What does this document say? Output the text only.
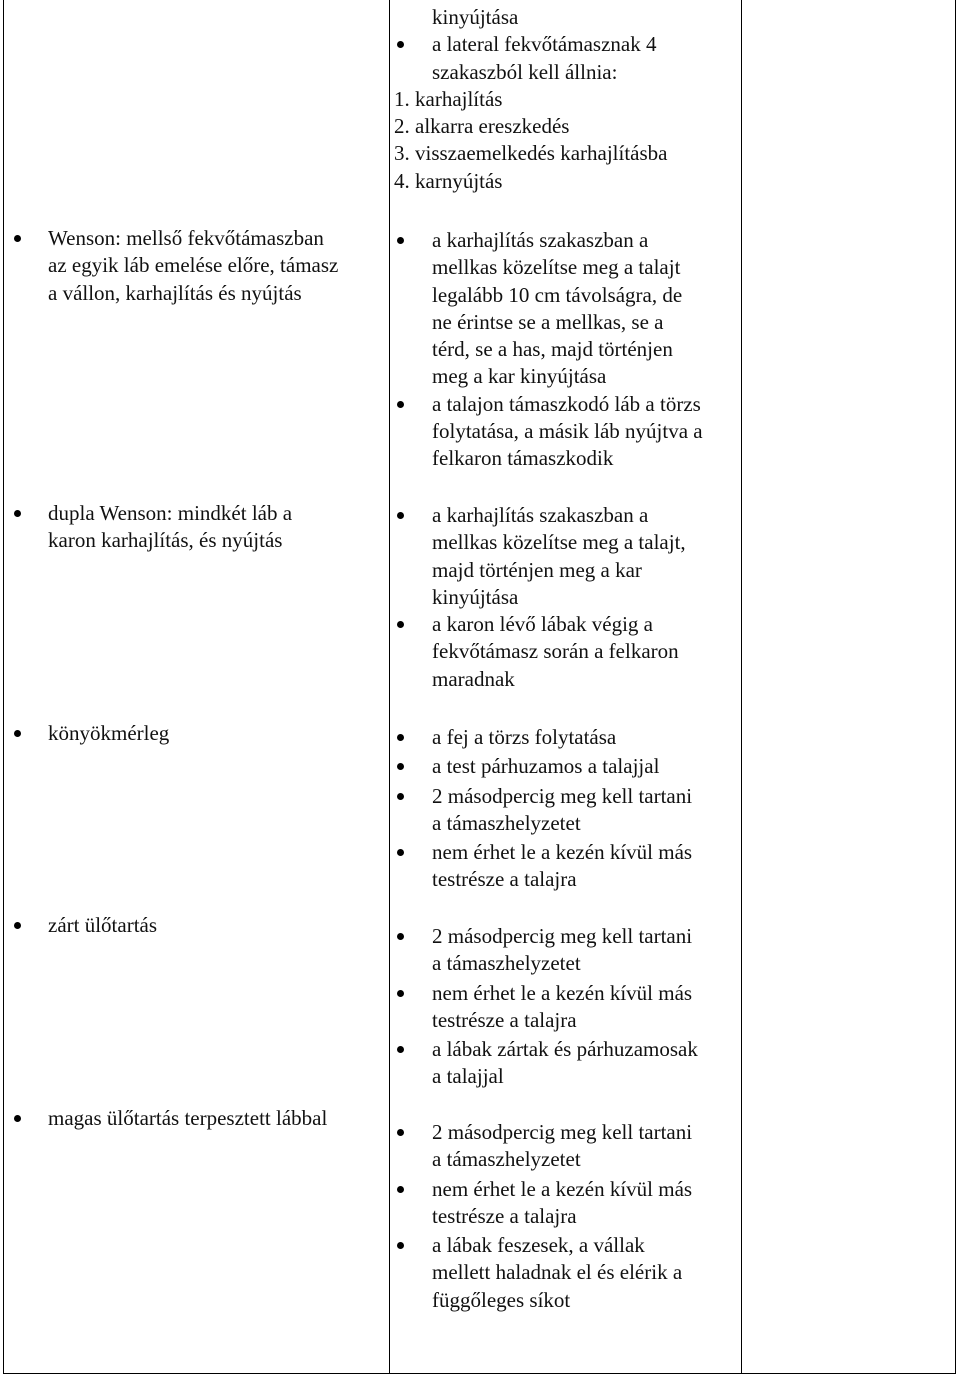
kinyújtása
a lateral fekvőtámasznak 4
szakaszból kell állnia:
1. karhajlítás
2. alkarra ereszkedés
3. visszaemelkedés karhajlításba
4. karnyújtás
Wenson: mellső fekvőtámaszban
az egyik láb emelése előre, támasz
a vállon, karhajlítás és nyújtás
a karhajlítás szakaszban a
mellkas közelítse meg a talajt
legalább 10 cm távolságra, de
ne érintse se a mellkas, se a
térd, se a has, majd történjen
meg a kar kinyújtása
a talajon támaszkodó láb a törzs
folytatása, a másik láb nyújtva a
felkaron támaszkodik
dupla Wenson: mindkét láb a
karon karhajlítás, és nyújtás
a karhajlítás szakaszban a
mellkas közelítse meg a talajt,
majd történjen meg a kar
kinyújtása
a karon lévő lábak végig a
fekvőtámasz során a felkaron
maradnak
könyökmérleg	a fej a törzs folytatása
a test párhuzamos a talajjal
2 másodpercig meg kell tartani
a támaszhelyzetet
nem érhet le a kezén kívül más
testrésze a talajra
zárt ülőtartás	2 másodpercig meg kell tartani
a támaszhelyzetet
nem érhet le a kezén kívül más
testrésze a talajra
a lábak zártak és párhuzamosak
a talajjal
magas ülőtartás terpesztett lábbal
2 másodpercig meg kell tartani
a támaszhelyzetet
nem érhet le a kezén kívül más
testrésze a talajra
a lábak feszesek, a vállak
mellett haladnak el és elérik a
függőleges síkot
